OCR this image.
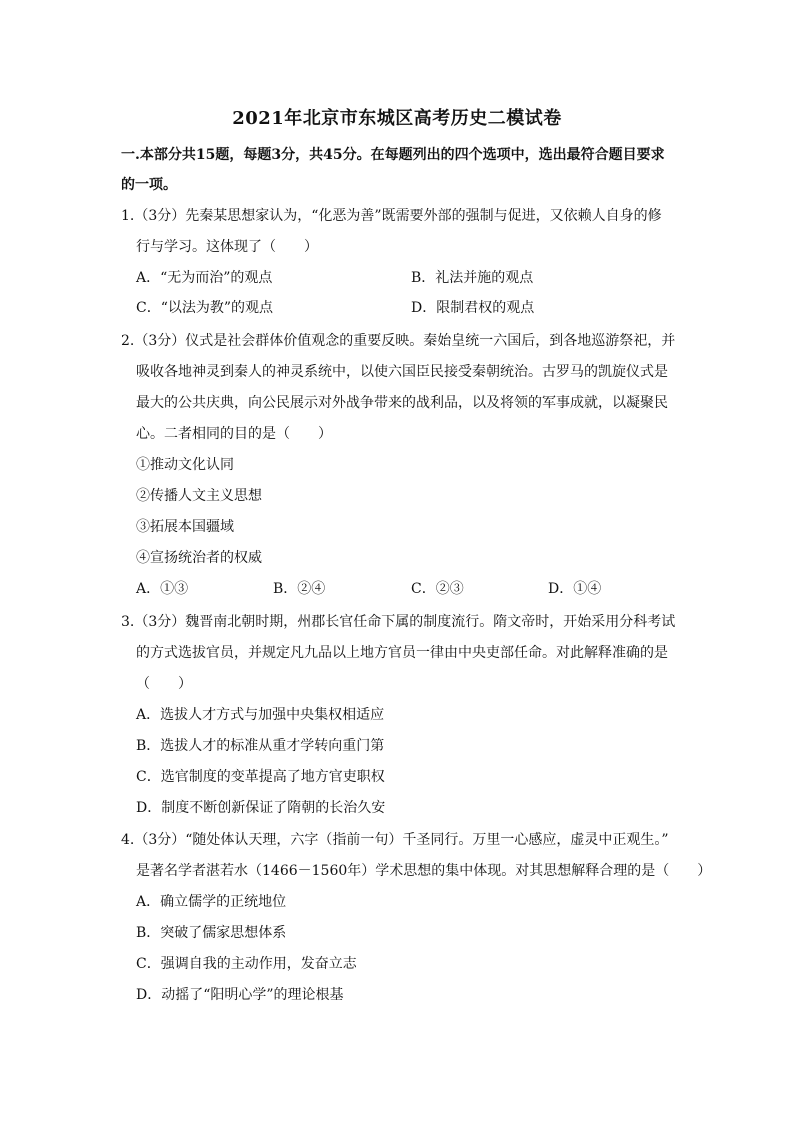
2021年北京市东城区高考历史二模试卷
一.本部分共15题，每题3分，共45分。在每题列出的四个选项中，选出最符合题目要求
的一项。
1.（3分）先秦某思想家认为，“化恶为善”既需要外部的强制与促进，又依赖人自身的修
行与学习。这体现了（　　）
A．“无为而治”的观点	B．礼法并施的观点
C．“以法为教”的观点	D．限制君权的观点
2.（3分）仪式是社会群体价值观念的重要反映。秦始皇统一六国后，到各地巡游祭祀，并
吸收各地神灵到秦人的神灵系统中，以使六国臣民接受秦朝统治。古罗马的凯旋仪式是
最大的公共庆典，向公民展示对外战争带来的战利品，以及将领的军事成就，以凝聚民
心。二者相同的目的是（　　）
①推动文化认同
②传播人文主义思想
③拓展本国疆域
④宣扬统治者的权威
A．①③	B．②④	C．②③	D．①④
3.（3分）魏晋南北朝时期，州郡长官任命下属的制度流行。隋文帝时，开始采用分科考试
的方式选拔官员，并规定凡九品以上地方官员一律由中央吏部任命。对此解释准确的是
（　　）
A．选拔人才方式与加强中央集权相适应
B．选拔人才的标准从重才学转向重门第
C．选官制度的变革提高了地方官吏职权
D．制度不断创新保证了隋朝的长治久安
4.（3分）“随处体认天理，六字（指前一句）千圣同行。万里一心感应，虚灵中正观生。”
是著名学者湛若水（1466－1560年）学术思想的集中体现。对其思想解释合理的是（　　）
A．确立儒学的正统地位
B．突破了儒家思想体系
C．强调自我的主动作用，发奋立志
D．动摇了“阳明心学”的理论根基
